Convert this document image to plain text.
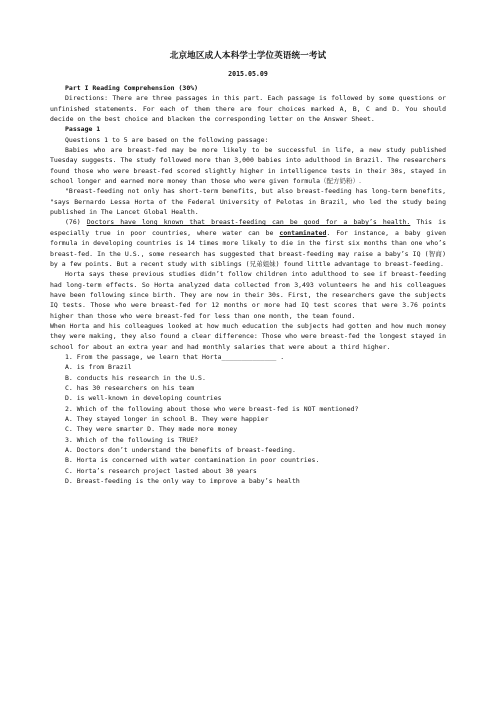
北京地区成人本科学士学位英语统一考试

2015.05.09

Part I Reading Comprehension (30%)

Directions: There are three passages in this part. Each passage is followed by some questions or unfinished statements. For each of them there are four choices marked A, B, C and D. You should decide on the best choice and blacken the corresponding letter on the Answer Sheet.

Passage 1

Questions 1 to 5 are based on the following passage:

Babies who are breast-fed may be more likely to be successful in life, a new study published Tuesday suggests. The study followed more than 3,000 babies into adulthood in Brazil. The researchers found those who were breast-fed scored slightly higher in intelligence tests in their 30s, stayed in school longer and earned more money than those who were given formula（配方奶粉）.

"Breast-feeding not only has short-term benefits, but also breast-feeding has long-term benefits, "says Bernardo Lessa Horta of the Federal University of Pelotas in Brazil, who led the study being published in The Lancet Global Health.

(76) Doctors have long known that breast-feeding can be good for a baby’s health. This is especially true in poor countries, where water can be contaminated. For instance, a baby given formula in developing countries is 14 times more likely to die in the first six months than one who’s breast-fed. In the U.S., some research has suggested that breast-feeding may raise a baby’s IQ (智商) by a few points. But a recent study with siblings (兄弟姐妹) found little advantage to breast-feeding.

Horta says these previous studies didn’t follow children into adulthood to see if breast-feeding had long-term effects. So Horta analyzed data collected from 3,493 volunteers he and his colleagues have been following since birth. They are now in their 30s. First, the researchers gave the subjects IQ tests. Those who were breast-fed for 12 months or more had IQ test scores that were 3.76 points higher than those who were breast-fed for less than one month, the team found.

When Horta and his colleagues looked at how much education the subjects had gotten and how much money they were making, they also found a clear difference: Those who were breast-fed the longest stayed in school for about an extra year and had monthly salaries that were about a third higher.

1. From the passage, we learn that Horta______________ .

A. is from Brazil

B. conducts his research in the U.S.

C. has 30 researchers on his team

D. is well-known in developing countries

2. Which of the following about those who were breast-fed is NOT mentioned?

A. They stayed longer in school B. They were happier

C. They were smarter D. They made more money

3. Which of the following is TRUE?

A. Doctors don’t understand the benefits of breast-feeding.

B. Horta is concerned with water contamination in poor countries.

C. Horta’s research project lasted about 30 years

D. Breast-feeding is the only way to improve a baby’s health
